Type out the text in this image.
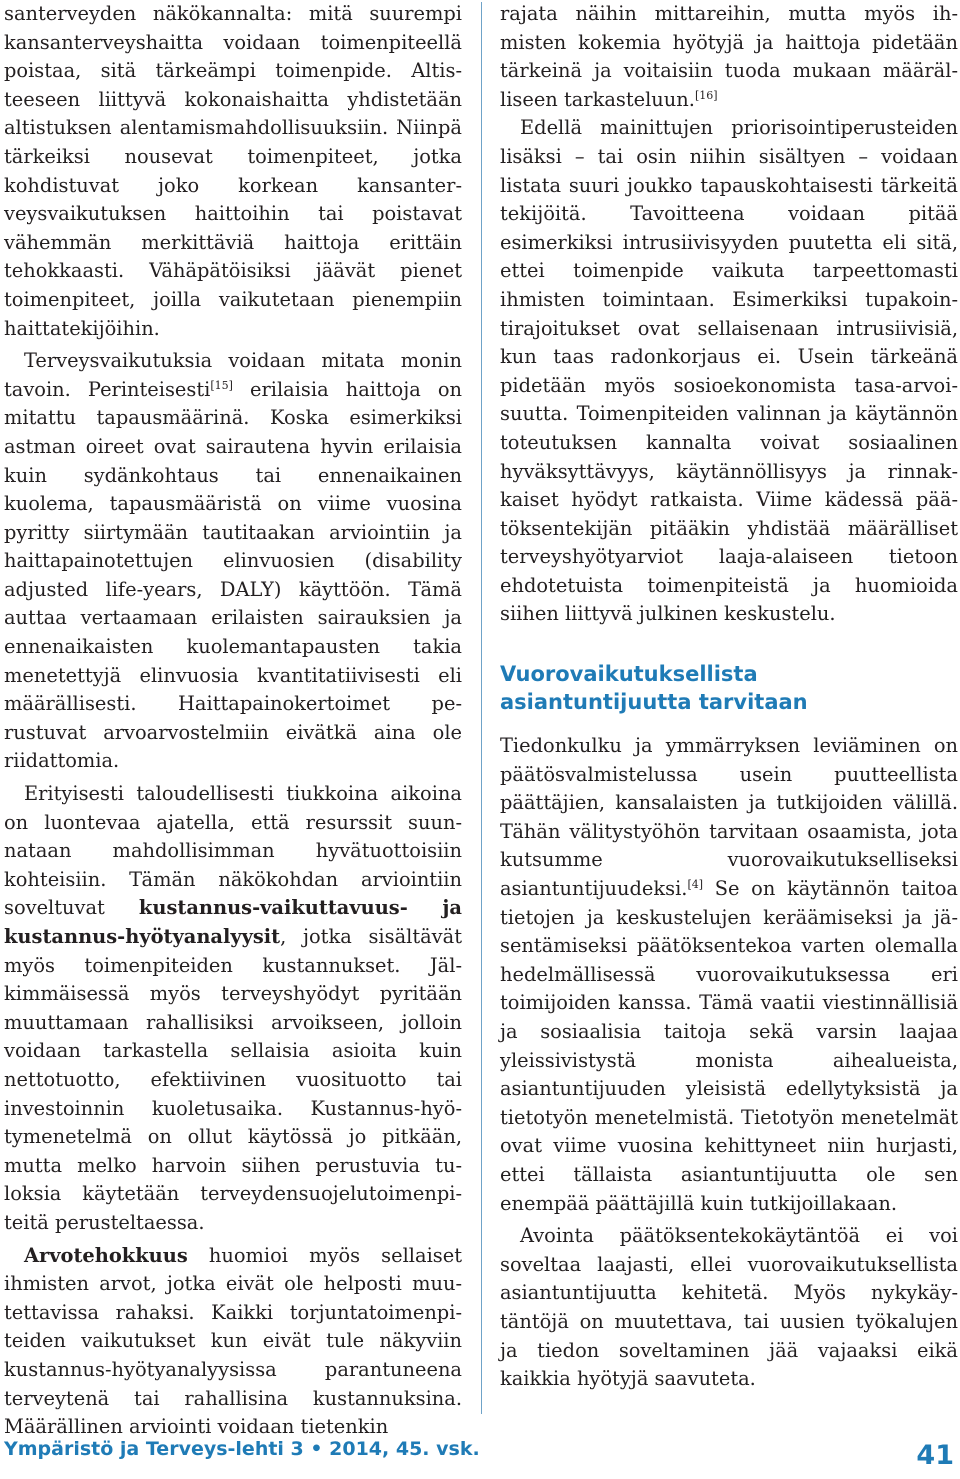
santerveyden näkökannalta: mitä suurempi kansanterveyshaitta voidaan toimenpiteellä poistaa, sitä tärkeämpi toimenpide. Altisteeseen liittyvä kokonaishaitta yhdistetään altistuksen alentamismahdollisuuksiin. Niinpä tärkeiksi nousevat toimenpiteet, jotka kohdistuvat joko korkean kansanterveysvaikutuksen haittoihin tai poistavat vähemmän merkittäviä haittoja erittäin tehokkaasti. Vähäpätöisiksi jäävät pienet toimenpiteet, joilla vaikutetaan pienempiin haittatekijöihin.

Terveysvaikutuksia voidaan mitata monin tavoin. Perinteisesti[15] erilaisia haittoja on mitattu tapausmäärinä. Koska esimerkiksi astman oireet ovat sairautena hyvin erilaisia kuin sydänkohtaus tai ennenaikainen kuolema, tapausmääristä on viime vuosina pyritty siirtymään tautitaakan arviointiin ja haittapainotettujen elinvuosien (disability adjusted life-years, DALY) käyttöön. Tämä auttaa vertaamaan erilaisten sairauksien ja ennenaikaisten kuolemantapausten takia menetettyjä elinvuosia kvantitatiivisesti eli määrällisesti. Haittapainokertoimet perustuvat arvoarvostelmiin eivätkä aina ole riidattomia.

Erityisesti taloudellisesti tiukkoina aikoina on luontevaa ajatella, että resurssit suunnataan mahdollisimman hyvätuottoisiin kohteisiin. Tämän näkökohdan arviointiin soveltuvat kustannus-vaikuttavuus- ja kustannus-hyötyanalyysit, jotka sisältävät myös toimenpiteiden kustannukset. Jälkimmäisessä myös terveyshyödyt pyritään muuttamaan rahallisiksi arvoikseen, jolloin voidaan tarkastella sellaisia asioita kuin nettotuotto, efektiivinen vuosituotto tai investoinnin kuoletusaika. Kustannus-hyötymenetelmä on ollut käytössä jo pitkään, mutta melko harvoin siihen perustuvia tuloksia käytetään terveydensuojelutoimenpiteitä perusteltaessa.

Arvotehokkuus huomioi myös sellaiset ihmisten arvot, jotka eivät ole helposti muutettavissa rahaksi. Kaikki torjuntatoimenpiteiden vaikutukset kun eivät tule näkyviin kustannus-hyötyanalyysissa parantuneena terveytenä tai rahallisina kustannuksina. Määrällinen arviointi voidaan tietenkin

rajata näihin mittareihin, mutta myös ihmisten kokemia hyötyjä ja haittoja pidetään tärkeinä ja voitaisiin tuoda mukaan määrälliseen tarkasteluun.[16]

Edellä mainittujen priorisointiperusteiden lisäksi – tai osin niihin sisältyen – voidaan listata suuri joukko tapauskohtaisesti tärkeitä tekijöitä. Tavoitteena voidaan pitää esimerkiksi intrusiivisyyden puutetta eli sitä, ettei toimenpide vaikuta tarpeettomasti ihmisten toimintaan. Esimerkiksi tupakointirajoitukset ovat sellaisenaan intrusiivisiä, kun taas radonkorjaus ei. Usein tärkeänä pidetään myös sosioekonomista tasa-arvoisuutta. Toimenpiteiden valinnan ja käytännön toteutuksen kannalta voivat sosiaalinen hyväksyttävyys, käytännöllisyys ja rinnakkaiset hyödyt ratkaista. Viime kädessä päätöksentekijän pitääkin yhdistää määrälliset terveyshyötyarviot laaja-alaiseen tietoon ehdotetuista toimenpiteistä ja huomioida siihen liittyvä julkinen keskustelu.

Vuorovaikutuksellista
asiantuntijuutta tarvitaan

Tiedonkulku ja ymmärryksen leviäminen on päätösvalmistelussa usein puutteellista päättäjien, kansalaisten ja tutkijoiden välillä. Tähän välitystyöhön tarvitaan osaamista, jota kutsumme vuorovaikutukselliseksi asiantuntijuudeksi.[4] Se on käytännön taitoa tietojen ja keskustelujen keräämiseksi ja jäsentämiseksi päätöksentekoa varten olemalla hedelmällisessä vuorovaikutuksessa eri toimijoiden kanssa. Tämä vaatii viestinnällisiä ja sosiaalisia taitoja sekä varsin laajaa yleissivistystä monista aihealueista, asiantuntijuuden yleisistä edellytyksistä ja tietotyön menetelmistä. Tietotyön menetelmät ovat viime vuosina kehittyneet niin hurjasti, ettei tällaista asiantuntijuutta ole sen enempää päättäjillä kuin tutkijoillakaan.

Avointa päätöksentekokäytäntöä ei voi soveltaa laajasti, ellei vuorovaikutuksellista asiantuntijuutta kehitetä. Myös nykykäytäntöjä on muutettava, tai uusien työkalujen ja tiedon soveltaminen jää vajaaksi eikä kaikkia hyötyjä saavuteta.

Ympäristö ja Terveys-lehti 3 • 2014, 45. vsk.	41
